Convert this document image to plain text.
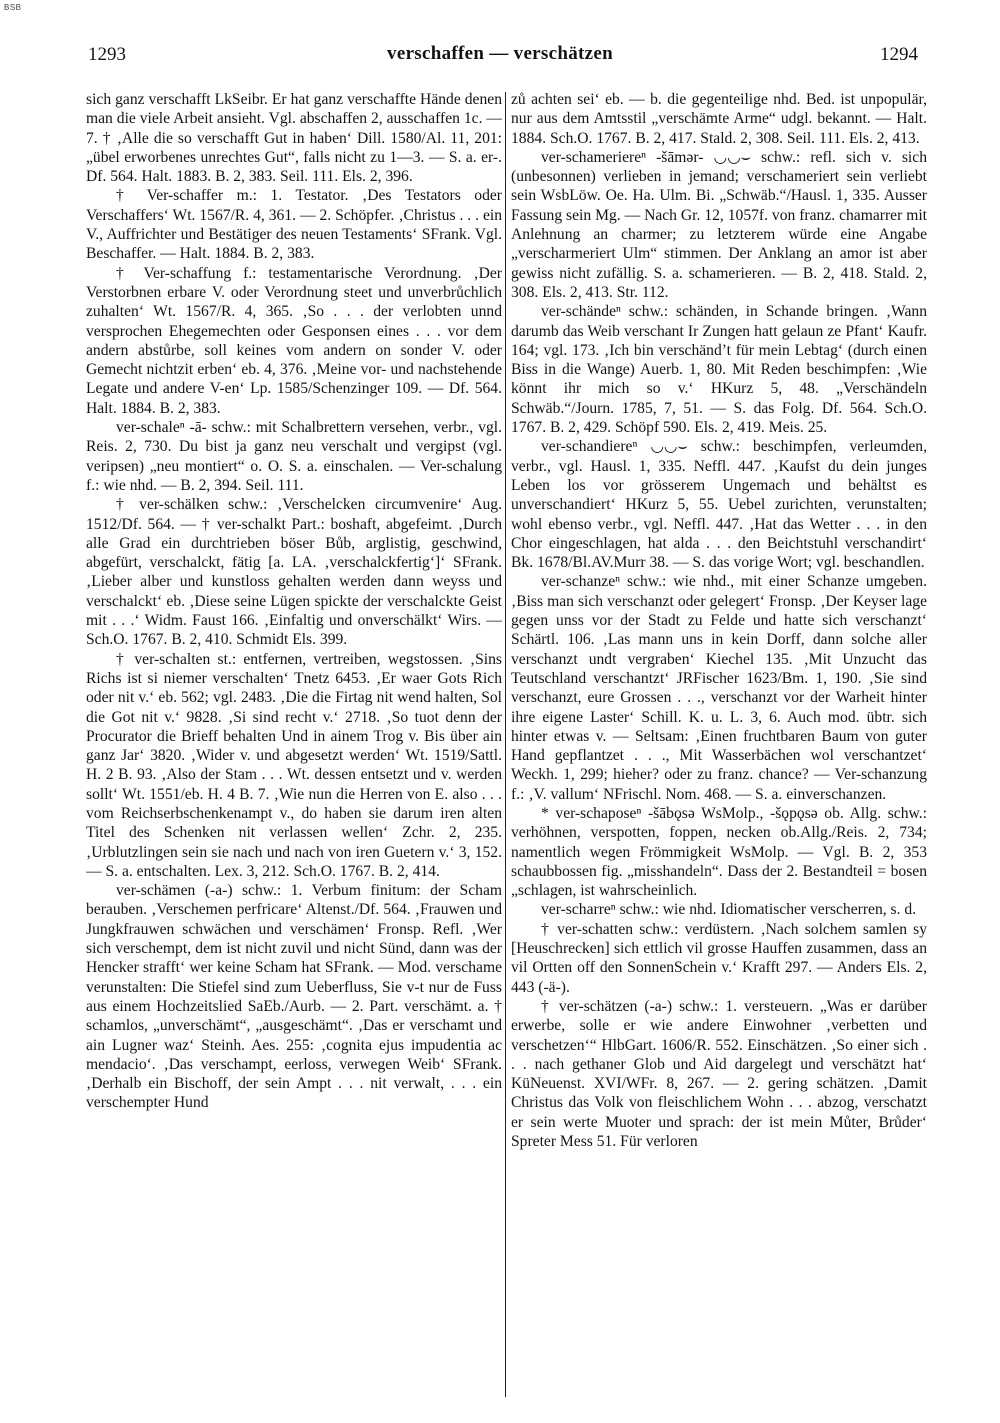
BSB
1293	verschaffen — verschätzen	1294

sich ganz verschafft LkSeibr. Er hat ganz verschaffte Hände denen man die viele Arbeit ansieht. Vgl. abschaffen 2, ausschaffen 1c. — 7. † ‚Alle die so verschafft Gut in haben‘ Dill. 1580/Al. 11, 201: „übel erworbenes unrechtes Gut“, falls nicht zu 1—3. — S. a. er-. Df. 564. Halt. 1883. B. 2, 383. Seil. 111. Els. 2, 396.

† Ver-schaffer m.: 1. Testator. ‚Des Testators oder Verschaffers‘ Wt. 1567/R. 4, 361. — 2. Schöpfer. ‚Christus . . . ein V., Auffrichter und Bestätiger des neuen Testaments‘ SFrank. Vgl. Beschaffer. — Halt. 1884. B. 2, 383.

† Ver-schaffung f.: testamentarische Verordnung. ‚Der Verstorbnen erbare V. oder Verordnung steet und unverbrůchlich zuhalten‘ Wt. 1567/R. 4, 365. ‚So . . . der verlobten unnd versprochen Ehegemechten oder Gesponsen eines . . . vor dem andern abstůrbe, soll keines vom andern on sonder V. oder Gemecht nichtzit erben‘ eb. 4, 376. ‚Meine vor- und nachstehende Legate und andere V-en‘ Lp. 1585/Schenzinger 109. — Df. 564. Halt. 1884. B. 2, 383.

ver-schaleⁿ -ā- schw.: mit Schalbrettern versehen, verbr., vgl. Reis. 2, 730. Du bist ja ganz neu verschalt und vergipst (vgl. veripsen) „neu montiert“ o. O. S. a. einschalen. — Ver-schalung f.: wie nhd. — B. 2, 394. Seil. 111.

† ver-schälken schw.: ‚Verschelcken circumvenire‘ Aug. 1512/Df. 564. — † ver-schalkt Part.: boshaft, abgefeimt. ‚Durch alle Grad ein durchtrieben böser Bůb, arglistig, geschwind, abgefürt, verschalckt, fätig [a. LA. ‚verschalckfertig‘]‘ SFrank. ‚Lieber alber und kunstloss gehalten werden dann weyss und verschalckt‘ eb. ‚Diese seine Lügen spickte der verschalckte Geist mit . . .‘ Widm. Faust 166. ‚Einfaltig und onverschälkt‘ Wirs. — Sch.O. 1767. B. 2, 410. Schmidt Els. 399.

† ver-schalten st.: entfernen, vertreiben, wegstossen. ‚Sins Richs ist si niemer verschalten‘ Tnetz 6453. ‚Er waer Gots Rich oder nit v.‘ eb. 562; vgl. 2483. ‚Die die Firtag nit wend halten, Sol die Got nit v.‘ 9828. ‚Si sind recht v.‘ 2718. ‚So tuot denn der Procurator die Brieff behalten Und in ainem Trog v. Bis über ain ganz Jar‘ 3820. ‚Wider v. und abgesetzt werden‘ Wt. 1519/Sattl. H. 2 B. 93. ‚Also der Stam . . . Wt. dessen entsetzt und v. werden sollt‘ Wt. 1551/eb. H. 4 B. 7. ‚Wie nun die Herren von E. also . . . vom Reichserbschenkenampt v., do haben sie darum iren alten Titel des Schenken nit verlassen wellen‘ Zchr. 2, 235. ‚Urblutzlingen sein sie nach und nach von iren Guetern v.‘ 3, 152. — S. a. entschalten. Lex. 3, 212. Sch.O. 1767. B. 2, 414.

ver-schämen (-a-) schw.: 1. Verbum finitum: der Scham berauben. ‚Verschemen perfricare‘ Altenst./Df. 564. ‚Frauwen und Jungkfrauwen schwächen und verschämen‘ Fronsp. Refl. ‚Wer sich verschempt, dem ist nicht zuvil und nicht Sünd, dann was der Hencker strafft‘ wer keine Scham hat SFrank. — Mod. verschame verunstalten: Die Stiefel sind zum Ueberfluss, Sie v-t nur de Fuss aus einem Hochzeitslied SaEb./Aurb. — 2. Part. verschämt. a. † schamlos, „unverschämt“, „ausgeschämt“. ‚Das er verschamt und ain Lugner waz‘ Steinh. Aes. 255: ‚cognita ejus impudentia ac mendacio‘. ‚Das verschampt, eerloss, verwegen Weib‘ SFrank. ‚Derhalb ein Bischoff, der sein Ampt . . . nit verwalt, . . . ein verschempter Hund

zů achten sei‘ eb. — b. die gegenteilige nhd. Bed. ist unpopulär, nur aus dem Amtsstil „verschämte Arme“ udgl. bekannt. — Halt. 1884. Sch.O. 1767. B. 2, 417. Stald. 2, 308. Seil. 111. Els. 2, 413.

ver-schameriereⁿ -šāmər- ◡◡⌣ schw.: refl. sich v. sich (unbesonnen) verlieben in jemand; verschameriert sein verliebt sein WsbLöw. Oe. Ha. Ulm. Bi. „Schwäb.“/Hausl. 1, 335. Ausser Fassung sein Mg. — Nach Gr. 12, 1057f. von franz. chamarrer mit Anlehnung an charmer; zu letzterem würde eine Angabe „verscharmeriert Ulm“ stimmen. Der Anklang an amor ist aber gewiss nicht zufällig. S. a. schamerieren. — B. 2, 418. Stald. 2, 308. Els. 2, 413. Str. 112.

ver-schändeⁿ schw.: schänden, in Schande bringen. ‚Wann darumb das Weib verschant Ir Zungen hatt gelaun ze Pfant‘ Kaufr. 164; vgl. 173. ‚Ich bin verschänd’t für mein Lebtag‘ (durch einen Biss in die Wange) Auerb. 1, 80. Mit Reden beschimpfen: ‚Wie könnt ihr mich so v.‘ HKurz 5, 48. „Verschändeln Schwäb.“/Journ. 1785, 7, 51. — S. das Folg. Df. 564. Sch.O. 1767. B. 2, 429. Schöpf 590. Els. 2, 419. Meis. 25.

ver-schandiereⁿ ◡◡⌣ schw.: beschimpfen, verleumden, verbr., vgl. Hausl. 1, 335. Neffl. 447. ‚Kaufst du dein junges Leben los vor grösserem Ungemach und behältst es unverschandiert‘ HKurz 5, 55. Uebel zurichten, verunstalten; wohl ebenso verbr., vgl. Neffl. 447. ‚Hat das Wetter . . . in den Chor eingeschlagen, hat alda . . . den Beichtstuhl verschandirt‘ Bk. 1678/Bl.AV.Murr 38. — S. das vorige Wort; vgl. beschandlen.

ver-schanzeⁿ schw.: wie nhd., mit einer Schanze umgeben. ‚Biss man sich verschanzt oder gelegert‘ Fronsp. ‚Der Keyser lage gegen unss vor der Stadt zu Felde und hatte sich verschanzt‘ Schärtl. 106. ‚Las mann uns in kein Dorff, dann solche aller verschanzt undt vergraben‘ Kiechel 135. ‚Mit Unzucht das Teutschland verschantzt‘ JRFischer 1623/Bm. 1, 190. ‚Sie sind verschanzt, eure Grossen . . ., verschanzt vor der Warheit hinter ihre eigene Laster‘ Schill. K. u. L. 3, 6. Auch mod. übtr. sich hinter etwas v. — Seltsam: ‚Einen fruchtbaren Baum von guter Hand gepflantzet . . ., Mit Wasserbächen wol verschantzet‘ Weckh. 1, 299; hieher? oder zu franz. chance? — Ver-schanzung f.: ‚V. vallum‘ NFrischl. Nom. 468. — S. a. einverschanzen.

* ver-schaposeⁿ -šābǫsə WsMolp., -šǫpǫsə ob. Allg. schw.: verhöhnen, verspotten, foppen, necken ob.Allg./Reis. 2, 734; namentlich wegen Frömmigkeit WsMolp. — Vgl. B. 2, 353 schaubbossen fig. „misshandeln“. Dass der 2. Bestandteil = bosen „schlagen, ist wahrscheinlich.

ver-scharreⁿ schw.: wie nhd. Idiomatischer verscherren, s. d.

† ver-schatten schw.: verdüstern. ‚Nach solchem samlen sy [Heuschrecken] sich ettlich vil grosse Hauffen zusammen, dass an vil Ortten off den SonnenSchein v.‘ Krafft 297. — Anders Els. 2, 443 (-ä-).

† ver-schätzen (-a-) schw.: 1. versteuern. „Was er darüber erwerbe, solle er wie andere Einwohner ‚verbetten und verschetzen‘“ HlbGart. 1606/R. 552. Einschätzen. ‚So einer sich . . . nach gethaner Glob und Aid dargelegt und verschätzt hat‘ KüNeuenst. XVI/WFr. 8, 267. — 2. gering schätzen. ‚Damit Christus das Volk von fleischlichem Wohn . . . abzog, verschatzt er sein werte Muoter und sprach: der ist mein Můter, Brůder‘ Spreter Mess 51. Für verloren
